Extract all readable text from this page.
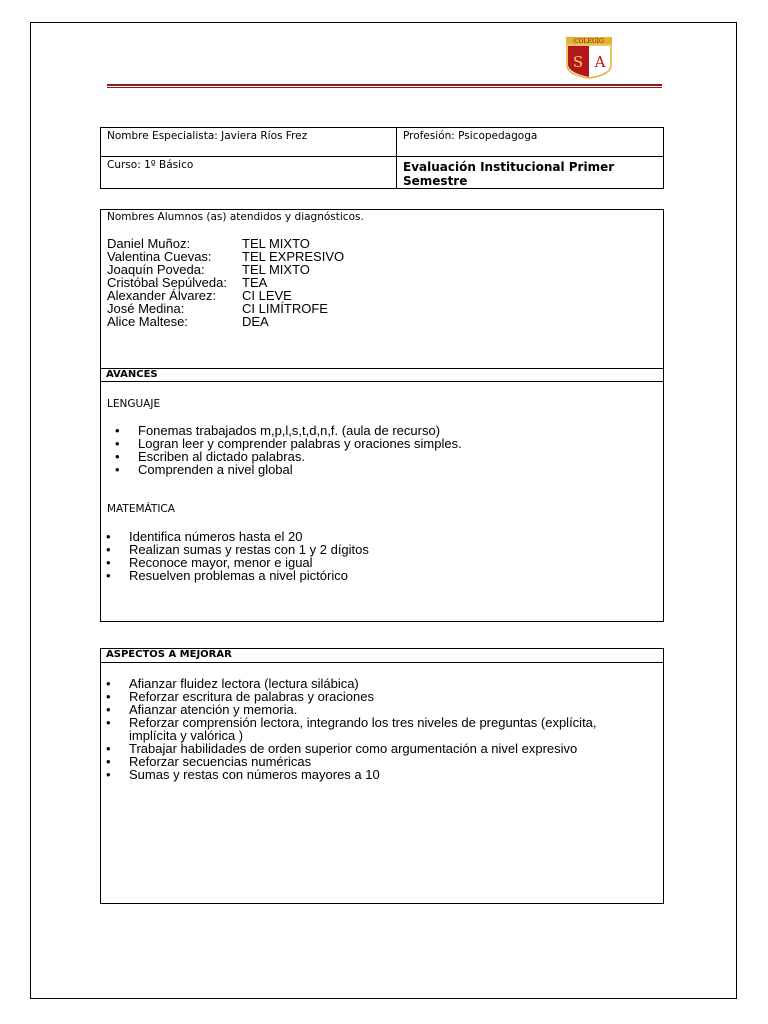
COLEGIO
S A
Nombre Especialista: Javiera Ríos Frez	Profesión: Psicopedagoga

Curso: 1º Básico	Evaluación Institucional Primer Semestre
Nombres Alumnos (as) atendidos y diagnósticos.
Daniel Muñoz:	TEL MIXTO
Valentina Cuevas: TEL EXPRESIVO
Joaquín Poveda:	TEL MIXTO
Cristóbal Sepúlveda: TEA
Alexander Álvarez: CI LEVE
José Medina:	CI LIMÍTROFE
Alice Maltese:	DEA
AVANCES
LENGUAJE
• Fonemas trabajados m,p,l,s,t,d,n,f. (aula de recurso)
• Logran leer y comprender palabras y oraciones simples.
• Escriben al dictado palabras.
• Comprenden a nivel global
MATEMÁTICA
• Identifica números hasta el 20
• Realizan sumas y restas con 1 y 2 dígitos
• Reconoce mayor, menor e igual
• Resuelven problemas a nivel pictórico
ASPECTOS A MEJORAR
• Afianzar fluidez lectora (lectura silábica)
• Reforzar escritura de palabras y oraciones
• Afianzar atención y memoria.
• Reforzar comprensión lectora, integrando los tres niveles de preguntas (explícita, implícita y valórica )
• Trabajar habilidades de orden superior como argumentación a nivel expresivo
• Reforzar secuencias numéricas
• Sumas y restas con números mayores a 10
